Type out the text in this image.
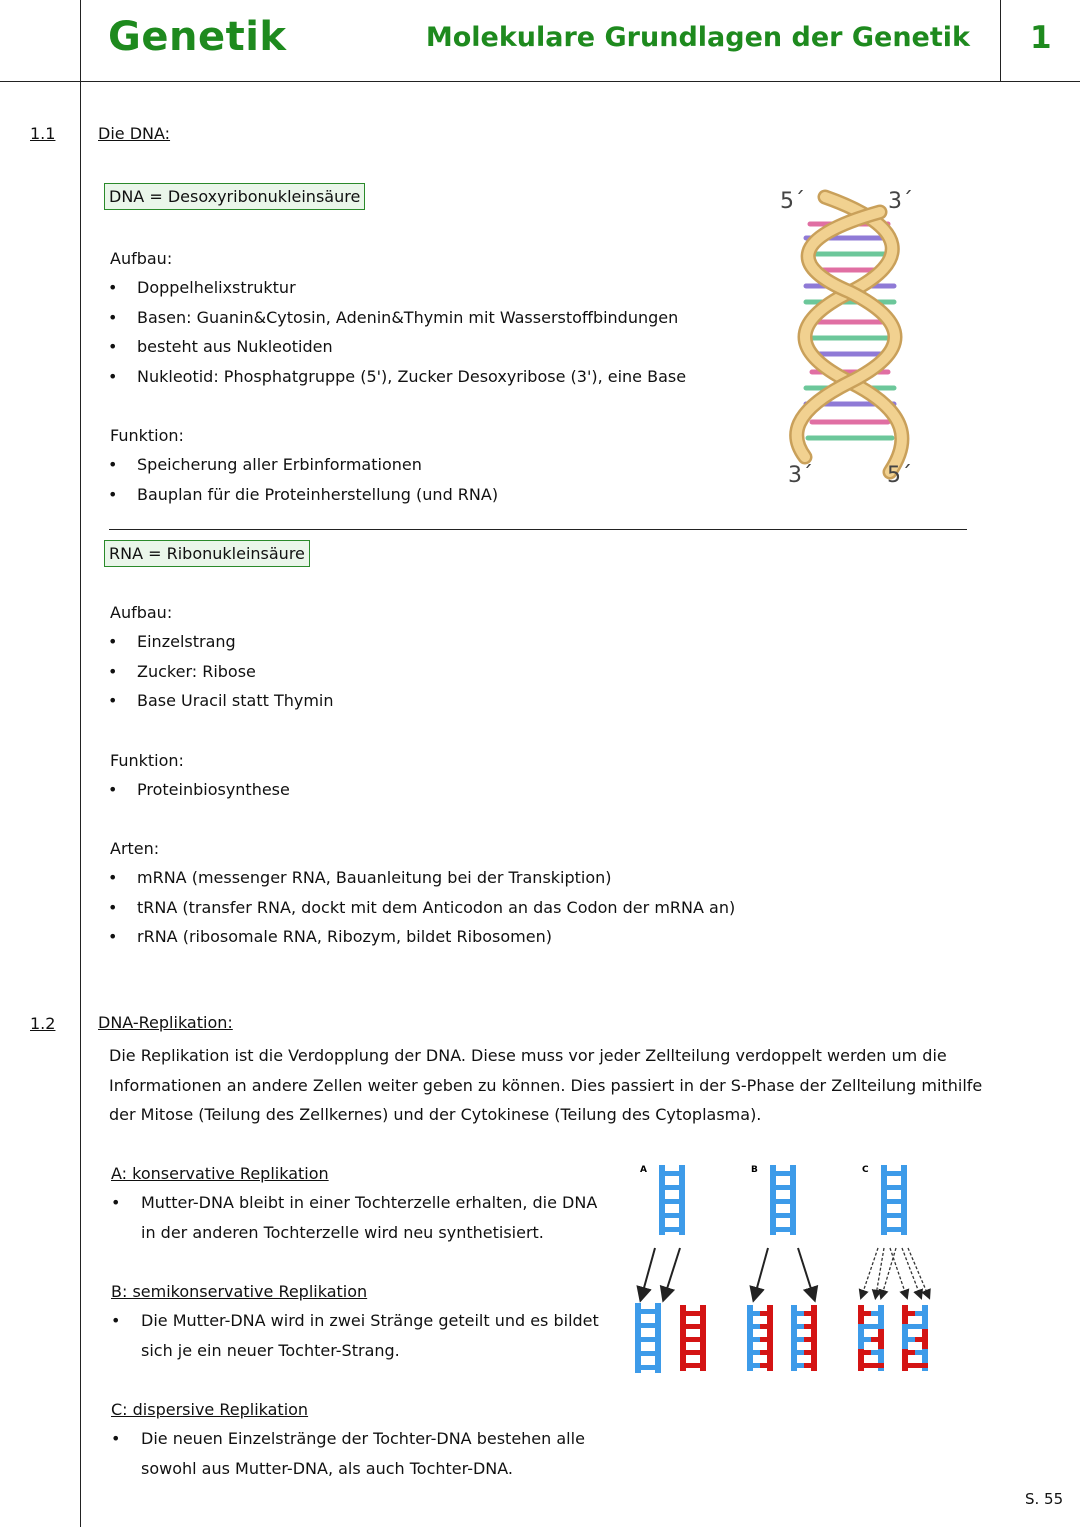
Genetik	Molekulare Grundlagen der Genetik 1
1.1	Die DNA:
DNA = Desoxyribonukleinsäure
Aufbau:
• Doppelhelixstruktur
• Basen: Guanin&Cytosin, Adenin&Thymin mit Wasserstoffbindungen
• besteht aus Nukleotiden
• Nukleotid: Phosphatgruppe (5'), Zucker Desoxyribose (3'), eine Base
Funktion:
• Speicherung aller Erbinformationen
• Bauplan für die Proteinherstellung (und RNA)
5´	3´
3´	5´
RNA = Ribonukleinsäure
Aufbau:
• Einzelstrang
• Zucker: Ribose
• Base Uracil statt Thymin
Funktion:
• Proteinbiosynthese
Arten:
• mRNA (messenger RNA, Bauanleitung bei der Transkiption)
• tRNA (transfer RNA, dockt mit dem Anticodon an das Codon der mRNA an)
• rRNA (ribosomale RNA, Ribozym, bildet Ribosomen)
1.2	DNA-Replikation:
Die Replikation ist die Verdopplung der DNA. Diese muss vor jeder Zellteilung verdoppelt werden um die Informationen an andere Zellen weiter geben zu können. Dies passiert in der S-Phase der Zellteilung mithilfe der Mitose (Teilung des Zellkernes) und der Cytokinese (Teilung des Cytoplasma).
A: konservative Replikation
• Mutter-DNA bleibt in einer Tochterzelle erhalten, die DNA in der anderen Tochterzelle wird neu synthetisiert.
B: semikonservative Replikation
• Die Mutter-DNA wird in zwei Stränge geteilt und es bildet sich je ein neuer Tochter-Strang.
C: dispersive Replikation
• Die neuen Einzelstränge der Tochter-DNA bestehen alle sowohl aus Mutter-DNA, als auch Tochter-DNA.
A	B	C
S. 55
